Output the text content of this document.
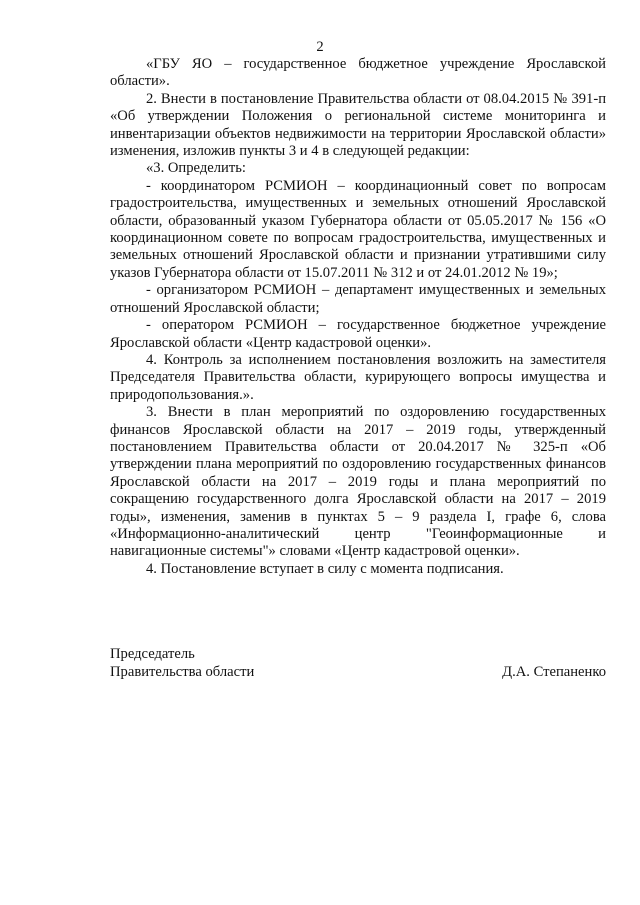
2

«ГБУ ЯО – государственное бюджетное учреждение Ярославской области».

2. Внести в постановление Правительства области от 08.04.2015 № 391-п «Об утверждении Положения о региональной системе мониторинга и инвентаризации объектов недвижимости на территории Ярославской области» изменения, изложив пункты 3 и 4 в следующей редакции:

«3. Определить:

- координатором РСМИОН – координационный совет по вопросам градостроительства, имущественных и земельных отношений Ярославской области, образованный указом Губернатора области от 05.05.2017 № 156 «О координационном совете по вопросам градостроительства, имущественных и земельных отношений Ярославской области и признании утратившими силу указов Губернатора области от 15.07.2011 № 312 и от 24.01.2012 № 19»;

- организатором РСМИОН – департамент имущественных и земельных отношений Ярославской области;

- оператором РСМИОН – государственное бюджетное учреждение Ярославской области «Центр кадастровой оценки».

4. Контроль за исполнением постановления возложить на заместителя Председателя Правительства области, курирующего вопросы имущества и природопользования.».

3. Внести в план мероприятий по оздоровлению государственных финансов Ярославской области на 2017 – 2019 годы, утвержденный постановлением Правительства области от 20.04.2017 № 325-п «Об утверждении плана мероприятий по оздоровлению государственных финансов Ярославской области на 2017 – 2019 годы и плана мероприятий по сокращению государственного долга Ярославской области на 2017 – 2019 годы», изменения, заменив в пунктах 5 – 9 раздела I, графе 6, слова «Информационно-аналитический центр "Геоинформационные и навигационные системы"» словами «Центр кадастровой оценки».

4. Постановление вступает в силу с момента подписания.

Председатель
Правительства области	Д.А. Степаненко
